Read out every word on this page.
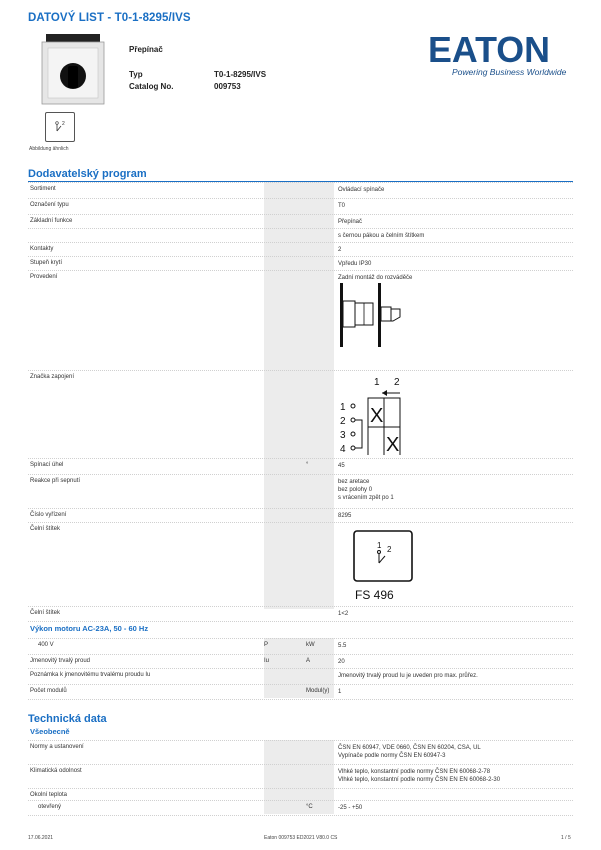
DATOVÝ LIST - T0-1-8295/IVS
2
Abbildung ähnlich
Přepínač
Typ	T0-1-8295/IVS
Catalog No.	009753
EATON
Powering Business Worldwide
Dodavatelský program
Sortiment	Ovládací spínače
Označení typu	T0
Základní funkce	Přepínač
s černou pákou a čelním štítkem
Kontakty	2
Stupeň krytí	Vpředu IP30
Provedení	Zadní montáž do rozváděče
Značka zapojení	1 2
X
X
1
2
3
4
Spínací úhel	°	45
Reakce při sepnutí	bez aretace
bez polohy 0
s vrácením zpět po 1
Číslo vyřízení	8295
Čelní štítek
1 2
FS 496
Čelní štítek	1<2
Výkon motoru AC-23A, 50 - 60 Hz
400 V	P	kW	5.5
Jmenovitý trvalý proud	Iu	A	20
Poznámka k jmenovitému trvalému proudu Iu	Jmenovitý trvalý proud Iu je uveden pro max. průřez.
Počet modulů	Modul(y) 1
Technická data
Všeobecně
Normy a ustanovení	ČSN EN 60947, VDE 0660, ČSN EN 60204, CSA, UL
Vypínače podle normy ČSN EN 60947-3
Klimatická odolnost	Vlhké teplo, konstantní podle normy ČSN EN 60068-2-78
Vlhké teplo, konstantní podle normy ČSN EN EN 60068-2-30
Okolní teplota
otevřený	°C	-25 - +50
17.06.2021	Eaton 009753 ED2021 V80.0 CS	1 / 5
